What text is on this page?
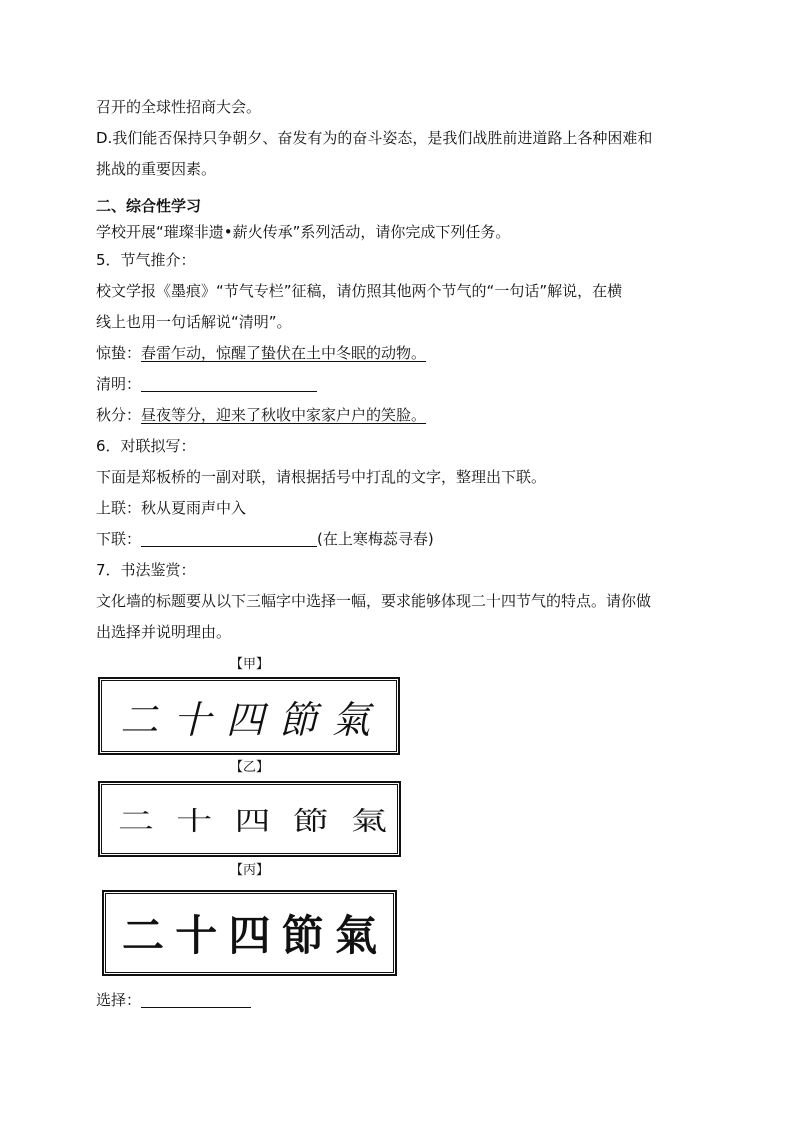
召开的全球性招商大会。
D.我们能否保持只争朝夕、奋发有为的奋斗姿态，是我们战胜前进道路上各种困难和
挑战的重要因素。
二、综合性学习
学校开展“璀璨非遗•薪火传承”系列活动，请你完成下列任务。
5．节气推介：
校文学报《墨痕》“节气专栏”征稿，请仿照其他两个节气的“一句话”解说，在横
线上也用一句话解说“清明”。
惊蛰：春雷乍动，惊醒了蛰伏在土中冬眠的动物。
清明：
秋分：昼夜等分，迎来了秋收中家家户户的笑脸。
6．对联拟写：
下面是郑板桥的一副对联，请根据括号中打乱的文字，整理出下联。
上联：秋从夏雨声中入
下联：	(在上寒梅蕊寻春)
7．书法鉴赏：
文化墙的标题要从以下三幅字中选择一幅，要求能够体现二十四节气的特点。请你做
出选择并说明理由。
【甲】
二 十 四 節 氣
【乙】
二 十 四 節 氣
【丙】
二 十 四 節 氣
选择：
